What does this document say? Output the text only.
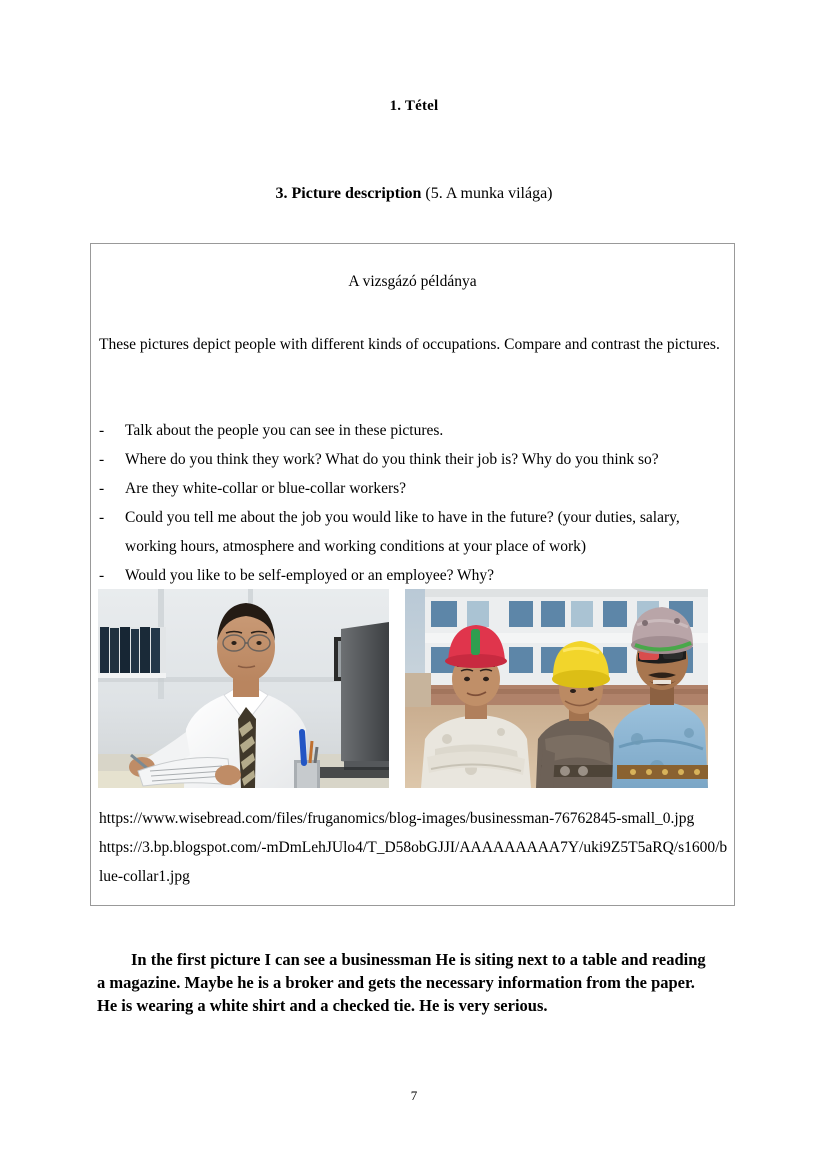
1. Tétel
3. Picture description (5. A munka világa)
A vizsgázó példánya
These pictures depict people with different kinds of occupations. Compare and contrast the pictures.
-	Talk about the people you can see in these pictures.
-	Where do you think they work? What do you think their job is? Why do you think so?
-	Are they white-collar or blue-collar workers?
-	Could you tell me about the job you would like to have in the future? (your duties, salary, working hours, atmosphere and working conditions at your place of work)
-	Would you like to be self-employed or an employee? Why?
https://www.wisebread.com/files/fruganomics/blog-images/businessman-76762845-small_0.jpg
https://3.bp.blogspot.com/-mDmLehJUlo4/T_D58obGJJI/AAAAAAAAA7Y/uki9Z5T5aRQ/s1600/blue-collar1.jpg
In the first picture I can see a businessman He is siting next to a table and reading a magazine. Maybe he is a broker and gets the necessary information from the paper. He is wearing a white shirt and a checked tie. He is very serious.
7
